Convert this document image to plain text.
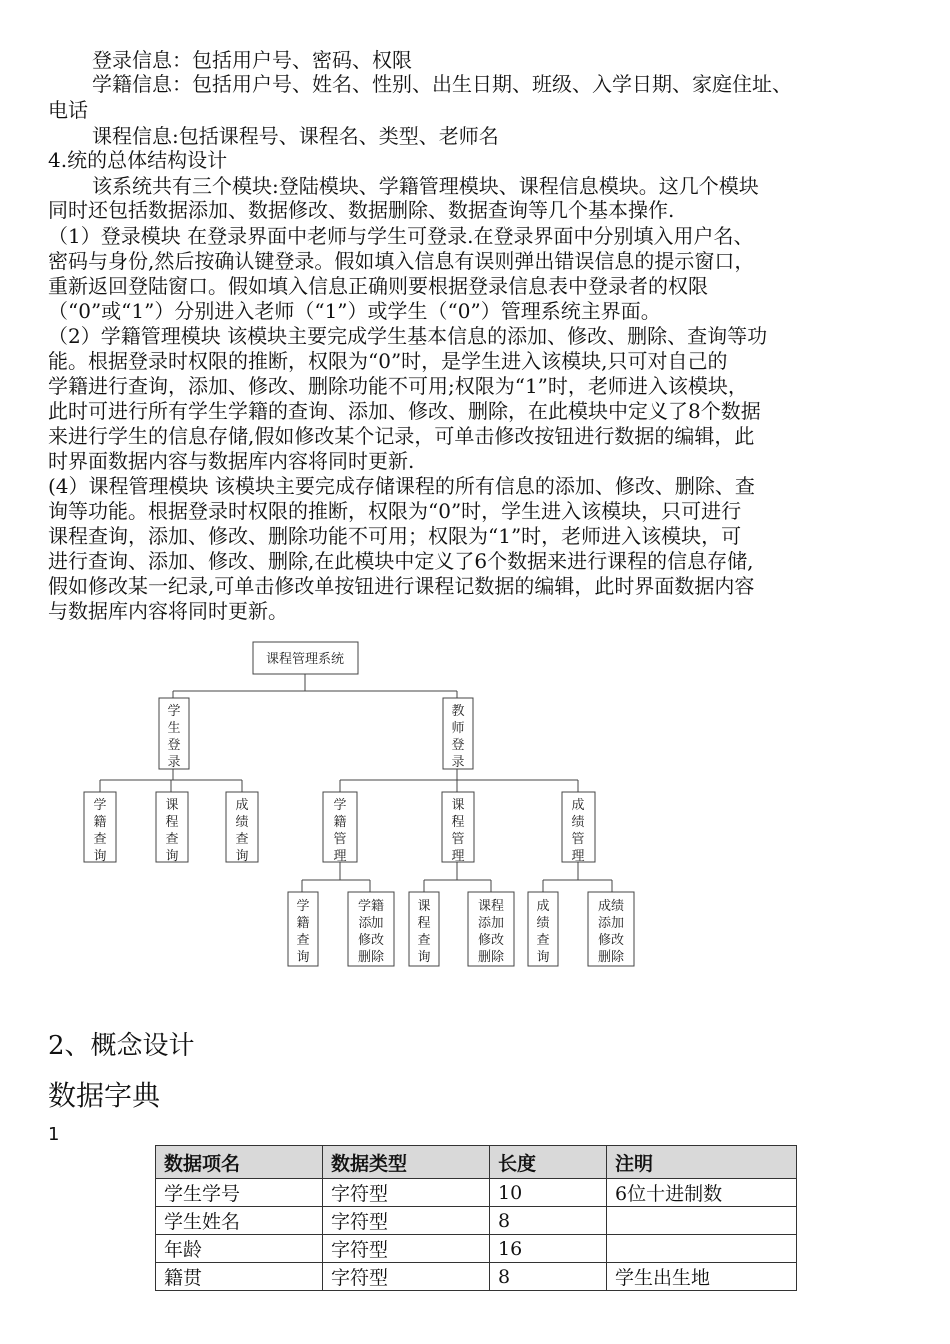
登录信息：包括用户号、密码、权限
学籍信息：包括用户号、姓名、性别、出生日期、班级、入学日期、家庭住址、
电话
课程信息:包括课程号、课程名、类型、老师名
4.统的总体结构设计
该系统共有三个模块:登陆模块、学籍管理模块、课程信息模块。这几个模块
同时还包括数据添加、数据修改、数据删除、数据查询等几个基本操作.
（1）登录模块 在登录界面中老师与学生可登录.在登录界面中分别填入用户名、
密码与身份,然后按确认键登录。假如填入信息有误则弹出错误信息的提示窗口，
重新返回登陆窗口。假如填入信息正确则要根据登录信息表中登录者的权限
（“0”或“1”）分别进入老师（“1”）或学生（“0”）管理系统主界面。
（2）学籍管理模块 该模块主要完成学生基本信息的添加、修改、删除、查询等功
能。根据登录时权限的推断，权限为“0”时，是学生进入该模块,只可对自己的
学籍进行查询，添加、修改、删除功能不可用;权限为“1”时，老师进入该模块，
此时可进行所有学生学籍的查询、添加、修改、删除，在此模块中定义了8个数据
来进行学生的信息存储,假如修改某个记录，可单击修改按钮进行数据的编辑，此
时界面数据内容与数据库内容将同时更新.
(4）课程管理模块 该模块主要完成存储课程的所有信息的添加、修改、删除、查
询等功能。根据登录时权限的推断，权限为“0”时，学生进入该模块，只可进行
课程查询，添加、修改、删除功能不可用；权限为“1”时，老师进入该模块，可
进行查询、添加、修改、删除,在此模块中定义了6个数据来进行课程的信息存储,
假如修改某一纪录,可单击修改单按钮进行课程记数据的编辑，此时界面数据内容
与数据库内容将同时更新。
课程管理系统
学
生
登
录
教
师
登
录
学
籍
查
询
课
程
查
询
成
绩
查
询
学
籍
管
理
课
程
管
理
成
绩
管
理
学
籍
查
询
学籍
加
添
修改
删除
课
程
查
询
课程
添加
修改
删除
成
绩
查
询
成绩
添加
修改
删除
2、概念设计
数据字典
1
数据项名	数据类型	长度	注明
学生学号	字符型	10	6位十进制数
学生姓名	字符型	8	
年龄	字符型	16	
籍贯	字符型	8	学生出生地
